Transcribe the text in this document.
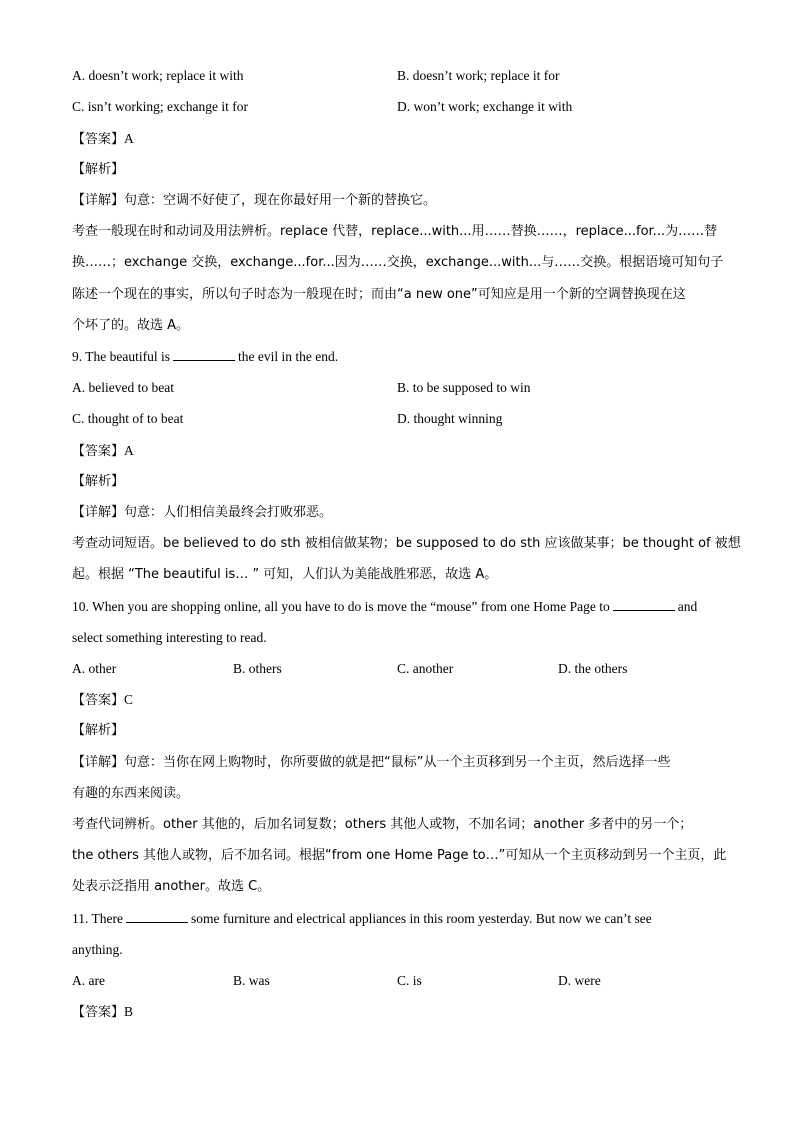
A. doesn’t work; replace it with	B. doesn’t work; replace it for
C. isn’t working; exchange it for	D. won’t work; exchange it with
【答案】A
【解析】
【详解】句意：空调不好使了，现在你最好用一个新的替换它。
考查一般现在时和动词及用法辨析。replace 代替，replace...with...用……替换……，replace...for...为……替
换……；exchange 交换，exchange...for...因为……交换，exchange...with...与……交换。根据语境可知句子
陈述一个现在的事实，所以句子时态为一般现在时；而由“a new one”可知应是用一个新的空调替换现在这
个坏了的。故选 A。
9. The beautiful is	the evil in the end.
A. believed to beat	B. to be supposed to win
C. thought of to beat	D. thought winning
【答案】A
【解析】
【详解】句意：人们相信美最终会打败邪恶。
考查动词短语。be believed to do sth 被相信做某物；be supposed to do sth 应该做某事；be thought of 被想
起。根据 “The beautiful is… ” 可知，人们认为美能战胜邪恶，故选 A。
10. When you are shopping online, all you have to do is move the “mouse” from one Home Page to	and
select something interesting to read.
A. other	B. others	C. another	D. the others
【答案】C
【解析】
【详解】句意：当你在网上购物时，你所要做的就是把“鼠标”从一个主页移到另一个主页，然后选择一些
有趣的东西来阅读。
考查代词辨析。other 其他的，后加名词复数；others 其他人或物，不加名词；another 多者中的另一个；
the others 其他人或物，后不加名词。根据“from one Home Page to…”可知从一个主页移动到另一个主页，此
处表示泛指用 another。故选 C。
11. There	some furniture and electrical appliances in this room yesterday. But now we can’t see
anything.
A. are	B. was	C. is	D. were
【答案】B
